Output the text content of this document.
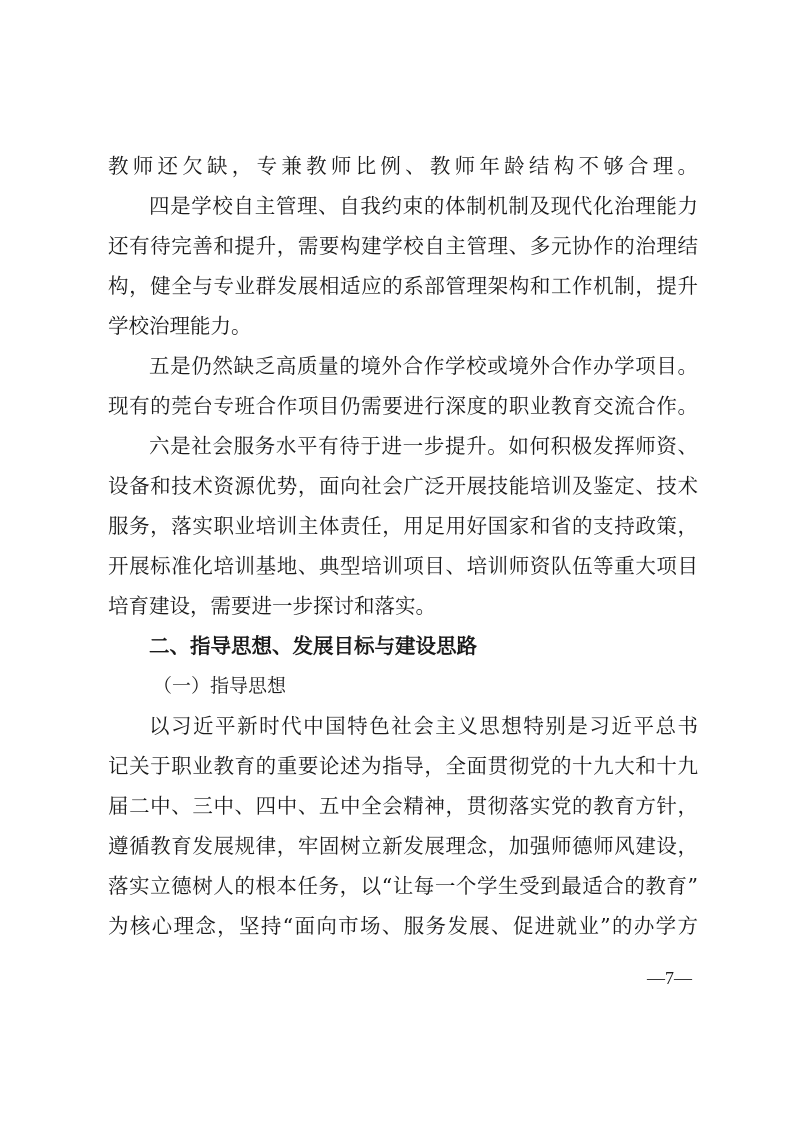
教师还欠缺，专兼教师比例、教师年龄结构不够合理。
四是学校自主管理、自我约束的体制机制及现代化治理能力
还有待完善和提升，需要构建学校自主管理、多元协作的治理结
构，健全与专业群发展相适应的系部管理架构和工作机制，提升
学校治理能力。
五是仍然缺乏高质量的境外合作学校或境外合作办学项目。
现有的莞台专班合作项目仍需要进行深度的职业教育交流合作。
六是社会服务水平有待于进一步提升。如何积极发挥师资、
设备和技术资源优势，面向社会广泛开展技能培训及鉴定、技术
服务，落实职业培训主体责任，用足用好国家和省的支持政策，
开展标准化培训基地、典型培训项目、培训师资队伍等重大项目
培育建设，需要进一步探讨和落实。
二、指导思想、发展目标与建设思路
（一）指导思想
以习近平新时代中国特色社会主义思想特别是习近平总书
记关于职业教育的重要论述为指导，全面贯彻党的十九大和十九
届二中、三中、四中、五中全会精神，贯彻落实党的教育方针，
遵循教育发展规律，牢固树立新发展理念，加强师德师风建设，
落实立德树人的根本任务，以“让每一个学生受到最适合的教育”
为核心理念，坚持“面向市场、服务发展、促进就业”的办学方
—7—
